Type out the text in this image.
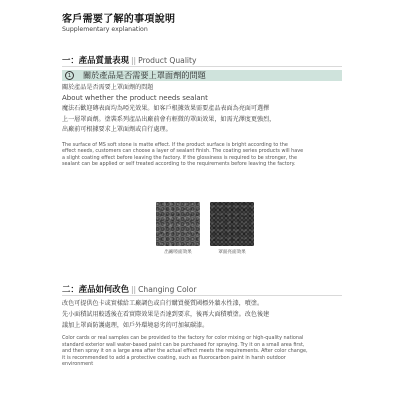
客戶需要了解的事項說明
Supplementary explanation
一：產品質量表現 || Product Quality
1	關於產品是否需要上罩面劑的問題
關於產品是否需要上罩面劑的問題
About whether the product needs sealant
魔法石歡迎磚表面均為啞光效果。如客戶根據效果需要產品表面為亮面可選擇
上一層罩面劑。塗裝系列產品出廠前會有輕微的罩面效果，如需光澤度更強烈，
出廠前可根據要求上罩面劑或自行處理。
The surface of MS soft stone is matte effect. If the product surface is bright according to the
effect needs, customers can choose a layer of sealant finish. The coating series products will have
a slight coating effect before leaving the factory. If the glossiness is required to be stronger, the
sealant can be applied or self treated according to the requirements before leaving the factory.
出廠啞面效果	罩面亮面效果
二：產品如何改色 || Changing Color
改色可提供色卡或實樣給工廠調色或自行購買優質國標外牆水性漆，噴塗。
先小面積試用較透後在看實際效果是否達到要求，後再大面積噴塗。改色後建
議加上罩面防護處理，如戶外環境惡劣的可加氟碳漆。
Color cards or real samples can be provided to the factory for color mixing or high-quality national
standard exterior wall water-based paint can be purchased for spraying. Try it on a small area first,
and then spray it on a large area after the actual effect meets the requirements. After color change,
it is recommended to add a protective coating, such as fluorocarbon paint in harsh outdoor
environment
